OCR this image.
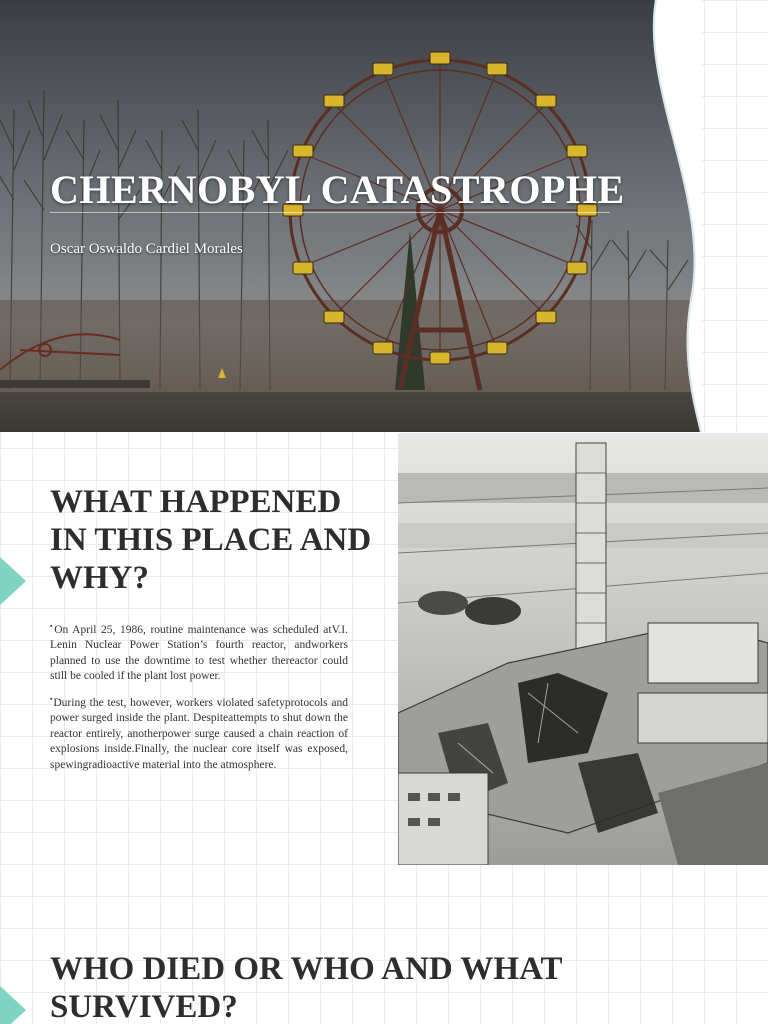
CHERNOBYL CATASTROPHE

Oscar Oswaldo Cardiel Morales

WHAT HAPPENED IN THIS PLACE AND WHY?

▪On April 25, 1986, routine maintenance was scheduled atV.I. Lenin Nuclear Power Station’s fourth reactor, andworkers planned to use the downtime to test whether thereactor could still be cooled if the plant lost power.

▪During the test, however, workers violated safetyprotocols and power surged inside the plant. Despiteattempts to shut down the reactor entirely, anotherpower surge caused a chain reaction of explosions inside.Finally, the nuclear core itself was exposed, spewingradioactive material into the atmosphere.

WHO DIED OR WHO AND WHAT SURVIVED?
